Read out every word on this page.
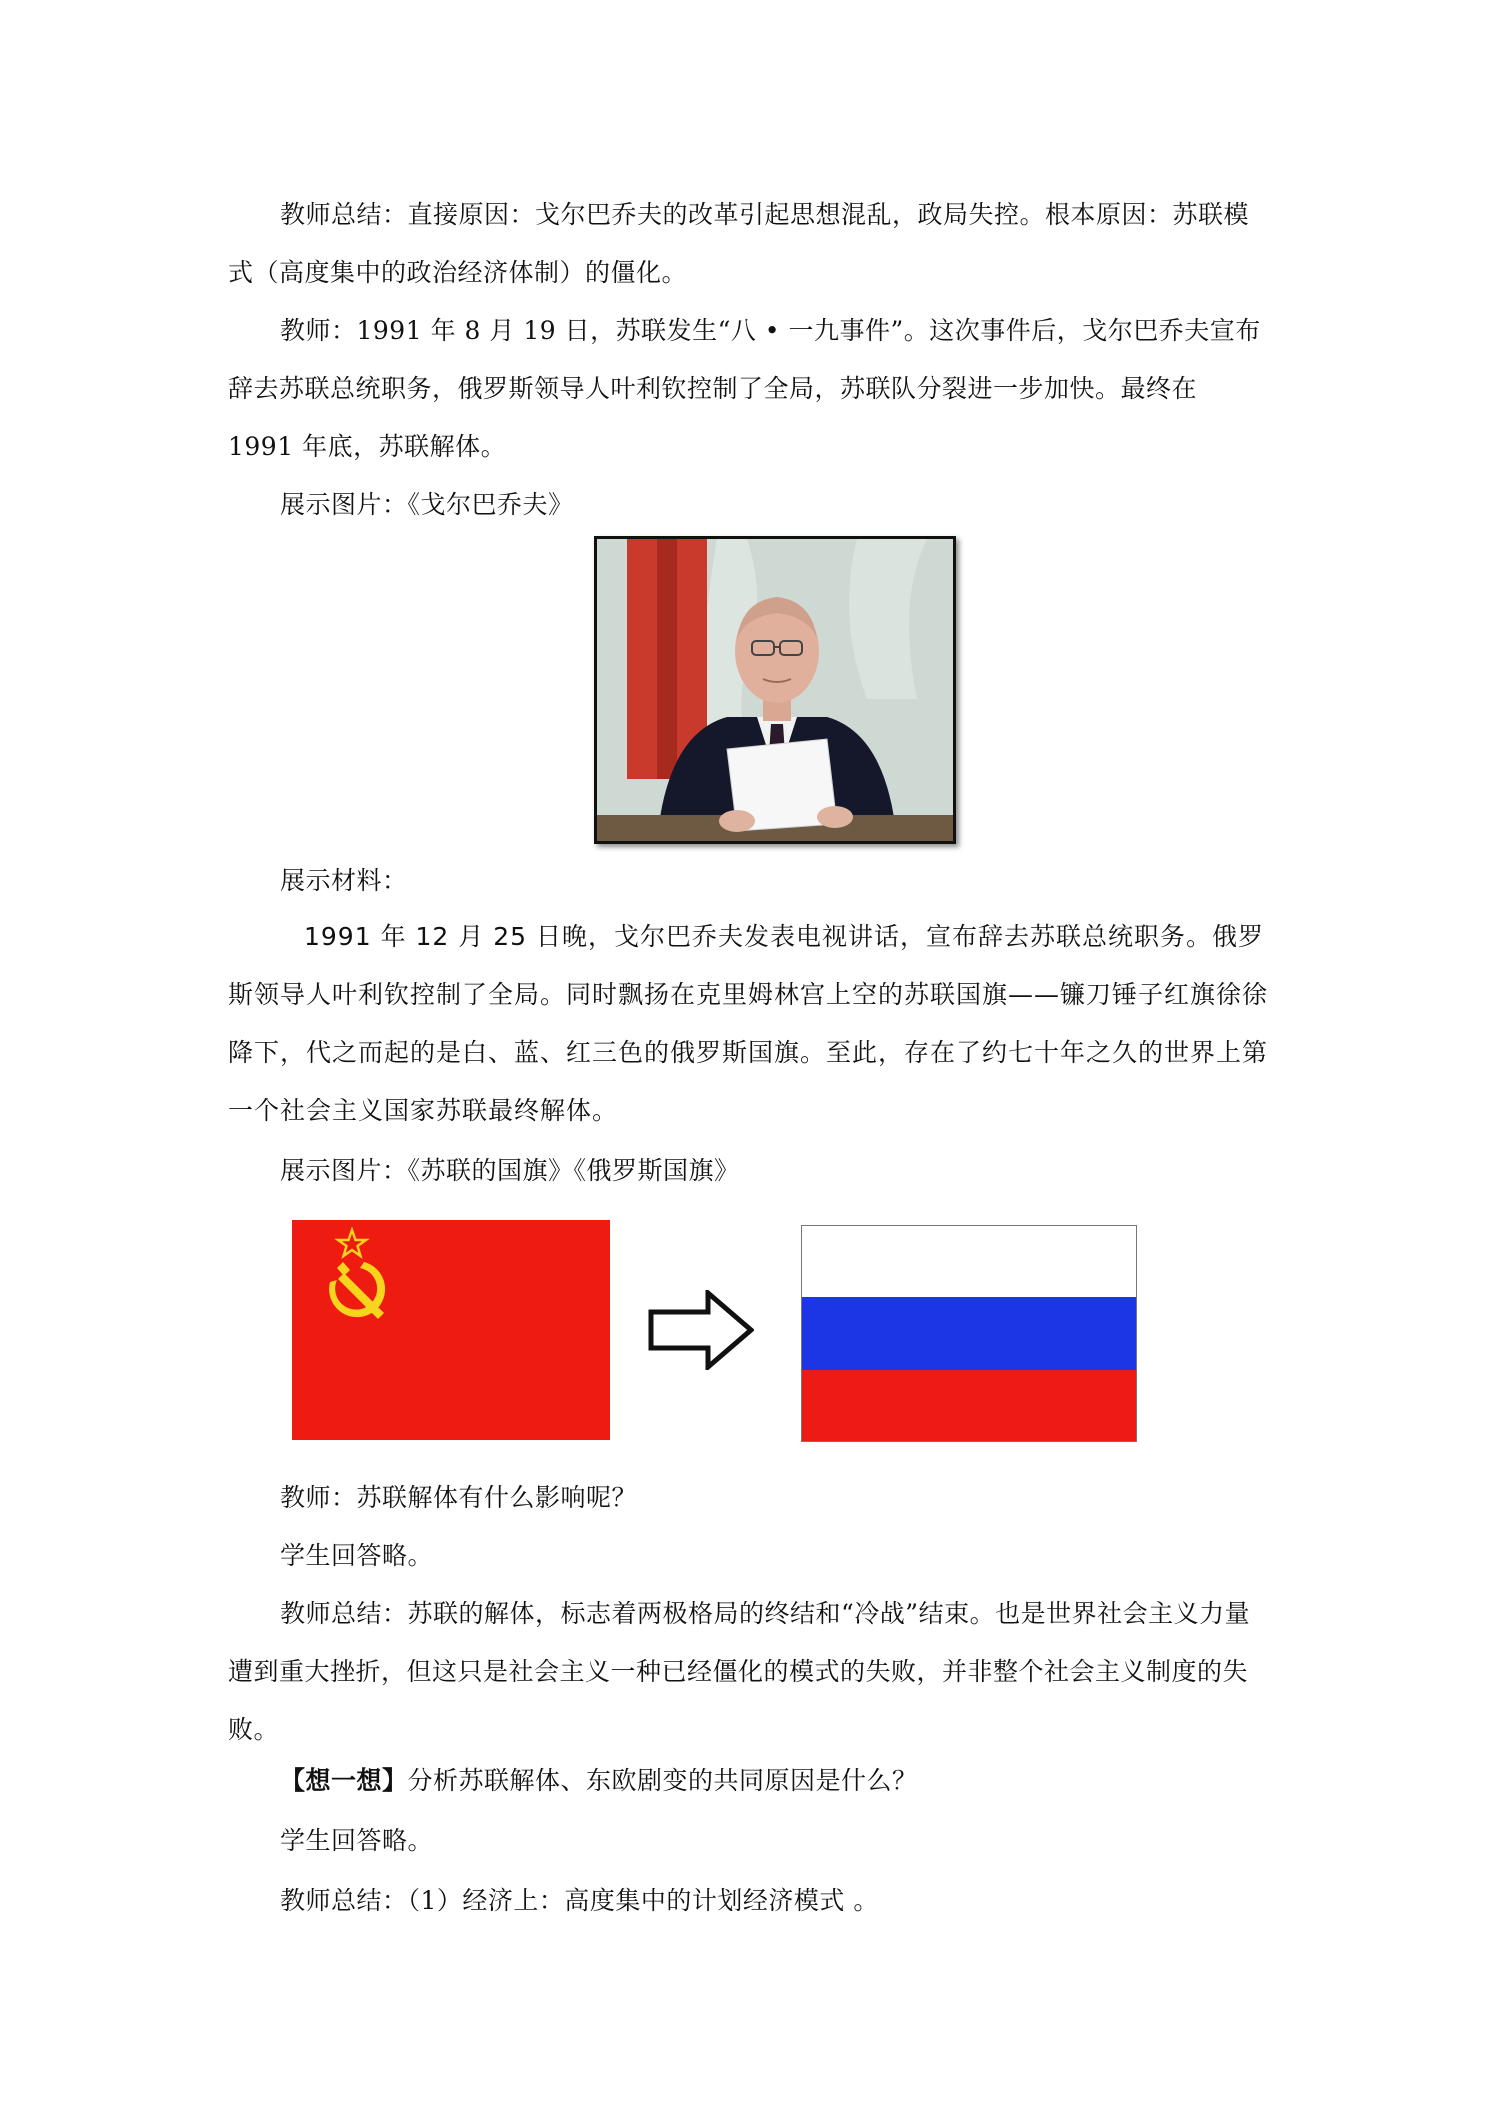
教师总结：直接原因：戈尔巴乔夫的改革引起思想混乱，政局失控。根本原因：苏联模式（高度集中的政治经济体制）的僵化。

教师：1991 年 8 月 19 日，苏联发生“八 • 一九事件”。这次事件后，戈尔巴乔夫宣布辞去苏联总统职务，俄罗斯领导人叶利钦控制了全局，苏联队分裂进一步加快。最终在 1991 年底，苏联解体。

展示图片：《戈尔巴乔夫》

展示材料：

1991 年 12 月 25 日晚，戈尔巴乔夫发表电视讲话，宣布辞去苏联总统职务。俄罗斯领导人叶利钦控制了全局。同时飘扬在克里姆林宫上空的苏联国旗——镰刀锤子红旗徐徐降下，代之而起的是白、蓝、红三色的俄罗斯国旗。至此，存在了约七十年之久的世界上第一个社会主义国家苏联最终解体。

展示图片：《苏联的国旗》《俄罗斯国旗》

教师：苏联解体有什么影响呢？

学生回答略。

教师总结：苏联的解体，标志着两极格局的终结和“冷战”结束。也是世界社会主义力量遭到重大挫折，但这只是社会主义一种已经僵化的模式的失败，并非整个社会主义制度的失败。

【想一想】分析苏联解体、东欧剧变的共同原因是什么？

学生回答略。

教师总结：（1）经济上：高度集中的计划经济模式 。
